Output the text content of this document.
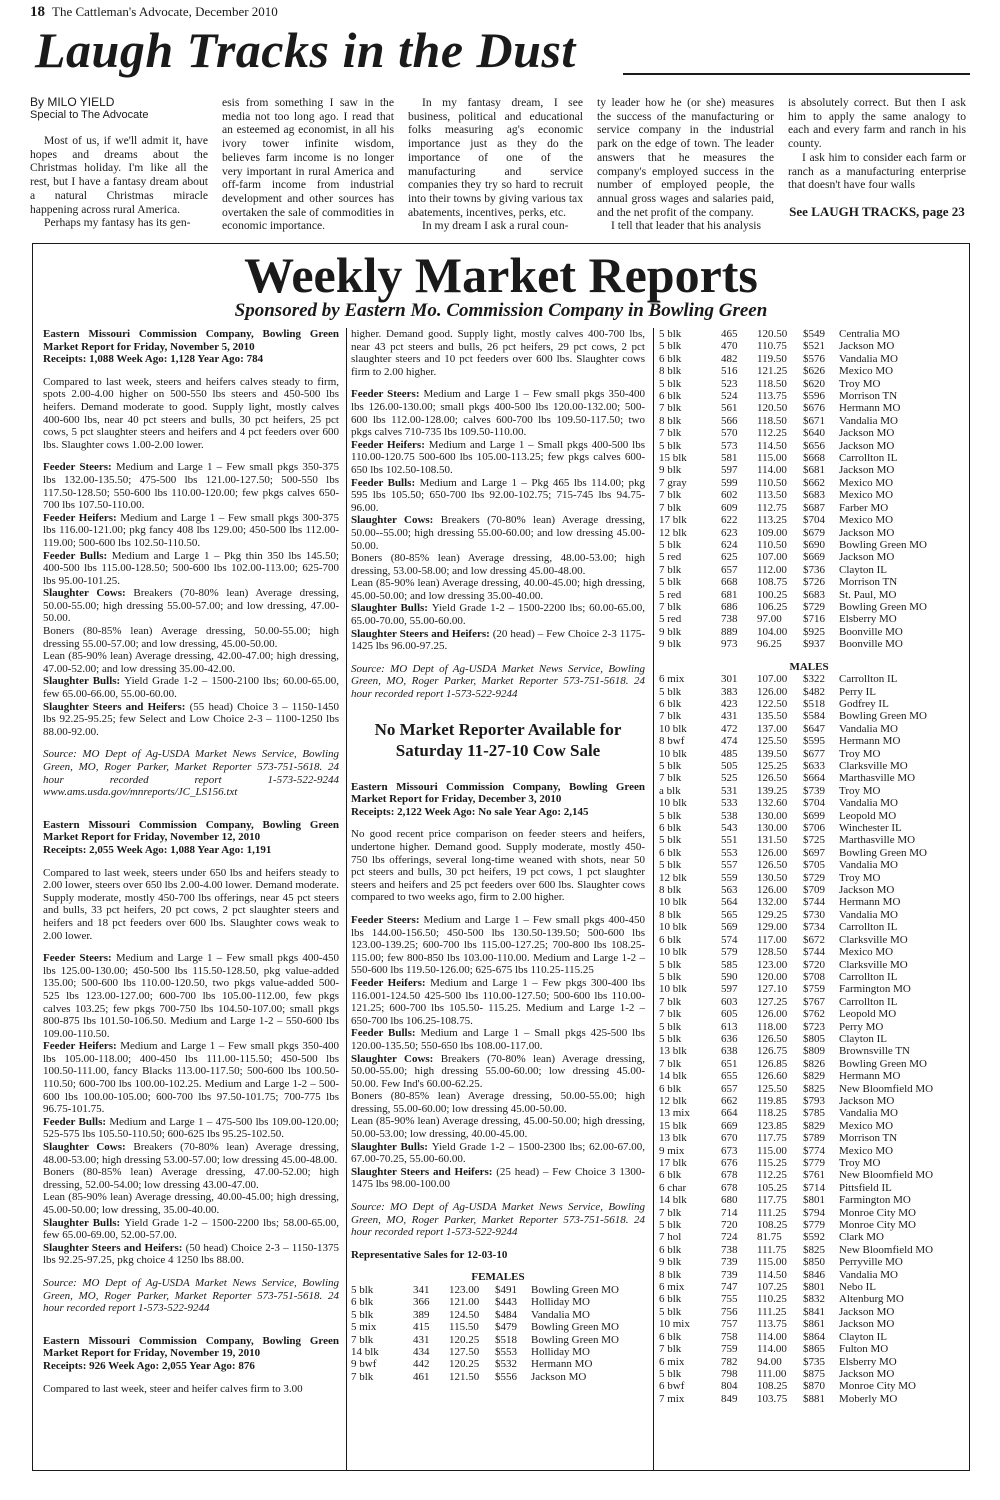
18 The Cattleman's Advocate, December 2010
Laugh Tracks in the Dust
By MILO YIELD
Special to The Advocate

Most of us, if we'll admit it, have hopes and dreams about the Christmas holiday. I'm like all the rest, but I have a fantasy dream about a natural Christmas miracle happening across rural America.

Perhaps my fantasy has its gen-

esis from something I saw in the media not too long ago. I read that an esteemed ag economist, in all his ivory tower infinite wisdom, believes farm income is no longer very important in rural America and off-farm income from industrial development and other sources has overtaken the sale of commodities in economic importance.

In my fantasy dream, I see business, political and educational folks measuring ag's economic importance just as they do the importance of one of the manufacturing and service companies they try so hard to recruit into their towns by giving various tax abatements, incentives, perks, etc.

In my dream I ask a rural coun-

ty leader how he (or she) measures the success of the manufacturing or service company in the industrial park on the edge of town. The leader answers that he measures the company's employed success in the number of employed people, the annual gross wages and salaries paid, and the net profit of the company.

I tell that leader that his analysis

is absolutely correct. But then I ask him to apply the same analogy to each and every farm and ranch in his county.

I ask him to consider each farm or ranch as a manufacturing enterprise that doesn't have four walls

See LAUGH TRACKS, page 23
Weekly Market Reports
Sponsored by Eastern Mo. Commission Company in Bowling Green
Eastern Missouri Commission Company, Bowling Green Market Report for Friday, November 5, 2010
Receipts: 1,088 Week Ago: 1,128 Year Ago: 784
Compared to last week, steers and heifers calves steady to firm, spots 2.00-4.00 higher on 500-550 lbs steers and 450-500 lbs heifers. Demand moderate to good. Supply light, mostly calves 400-600 lbs, near 40 pct steers and bulls, 30 pct heifers, 25 pct cows, 5 pct slaughter steers and heifers and 4 pct feeders over 600 lbs. Slaughter cows 1.00-2.00 lower.
Feeder Steers: Medium and Large 1 – Few small pkgs 350-375 lbs 132.00-135.50; 475-500 lbs 121.00-127.50; 500-550 lbs 117.50-128.50; 550-600 lbs 110.00-120.00; few pkgs calves 650-700 lbs 107.50-110.00.
Feeder Heifers: Medium and Large 1 – Few small pkgs 300-375 lbs 116.00-121.00; pkg fancy 408 lbs 129.00; 450-500 lbs 112.00-119.00; 500-600 lbs 102.50-110.50.
Feeder Bulls: Medium and Large 1 – Pkg thin 350 lbs 145.50; 400-500 lbs 115.00-128.50; 500-600 lbs 102.00-113.00; 625-700 lbs 95.00-101.25.
Slaughter Cows: Breakers (70-80% lean) Average dressing, 50.00-55.00; high dressing 55.00-57.00; and low dressing, 47.00-50.00.
Boners (80-85% lean) Average dressing, 50.00-55.00; high dressing 55.00-57.00; and low dressing, 45.00-50.00.
Lean (85-90% lean) Average dressing, 42.00-47.00; high dressing, 47.00-52.00; and low dressing 35.00-42.00.
Slaughter Bulls: Yield Grade 1-2 – 1500-2100 lbs; 60.00-65.00, few 65.00-66.00, 55.00-60.00.
Slaughter Steers and Heifers: (55 head) Choice 3 – 1150-1450 lbs 92.25-95.25; few Select and Low Choice 2-3 – 1100-1250 lbs 88.00-92.00.
Source: MO Dept of Ag-USDA Market News Service, Bowling Green, MO, Roger Parker, Market Reporter 573-751-5618. 24 hour recorded report 1-573-522-9244 www.ams.usda.gov/mnreports/JC_LS156.txt
Eastern Missouri Commission Company, Bowling Green Market Report for Friday, November 12, 2010
Receipts: 2,055 Week Ago: 1,088 Year Ago: 1,191
Compared to last week, steers under 650 lbs and heifers steady to 2.00 lower, steers over 650 lbs 2.00-4.00 lower. Demand moderate. Supply moderate, mostly 450-700 lbs offerings, near 45 pct steers and bulls, 33 pct heifers, 20 pct cows, 2 pct slaughter steers and heifers and 18 pct feeders over 600 lbs. Slaughter cows weak to 2.00 lower.
Feeder Steers: Medium and Large 1 – Few small pkgs 400-450 lbs 125.00-130.00; 450-500 lbs 115.50-128.50, pkg value-added 135.00; 500-600 lbs 110.00-120.50, two pkgs value-added 500-525 lbs 123.00-127.00; 600-700 lbs 105.00-112.00, few pkgs calves 103.25; few pkgs 700-750 lbs 104.50-107.00; small pkgs 800-875 lbs 101.50-106.50. Medium and Large 1-2 – 550-600 lbs 109.00-110.50.
Feeder Heifers: Medium and Large 1 – Few small pkgs 350-400 lbs 105.00-118.00; 400-450 lbs 111.00-115.50; 450-500 lbs 100.50-111.00, fancy Blacks 113.00-117.50; 500-600 lbs 100.50-110.50; 600-700 lbs 100.00-102.25. Medium and Large 1-2 – 500-600 lbs 100.00-105.00; 600-700 lbs 97.50-101.75; 700-775 lbs 96.75-101.75.
Feeder Bulls: Medium and Large 1 – 475-500 lbs 109.00-120.00; 525-575 lbs 105.50-110.50; 600-625 lbs 95.25-102.50.
Slaughter Cows: Breakers (70-80% lean) Average dressing, 48.00-53.00; high dressing 53.00-57.00; low dressing 45.00-48.00.
Boners (80-85% lean) Average dressing, 47.00-52.00; high dressing, 52.00-54.00; low dressing 43.00-47.00.
Lean (85-90% lean) Average dressing, 40.00-45.00; high dressing, 45.00-50.00; low dressing, 35.00-40.00.
Slaughter Bulls: Yield Grade 1-2 – 1500-2200 lbs; 58.00-65.00, few 65.00-69.00, 52.00-57.00.
Slaughter Steers and Heifers: (50 head) Choice 2-3 – 1150-1375 lbs 92.25-97.25, pkg choice 4 1250 lbs 88.00.
Source: MO Dept of Ag-USDA Market News Service, Bowling Green, MO, Roger Parker, Market Reporter 573-751-5618. 24 hour recorded report 1-573-522-9244
Eastern Missouri Commission Company, Bowling Green Market Report for Friday, November 19, 2010
Receipts: 926 Week Ago: 2,055 Year Ago: 876
Compared to last week, steer and heifer calves firm to 3.00
higher. Demand good. Supply light, mostly calves 400-700 lbs, near 43 pct steers and bulls, 26 pct heifers, 29 pct cows, 2 pct slaughter steers and 10 pct feeders over 600 lbs. Slaughter cows firm to 2.00 higher.
Feeder Steers: Medium and Large 1 – Few small pkgs 350-400 lbs 126.00-130.00; small pkgs 400-500 lbs 120.00-132.00; 500-600 lbs 112.00-128.00; calves 600-700 lbs 109.50-117.50; two pkgs calves 710-735 lbs 109.50-110.00.
Feeder Heifers: Medium and Large 1 – Small pkgs 400-500 lbs 110.00-120.75 500-600 lbs 105.00-113.25; few pkgs calves 600-650 lbs 102.50-108.50.
Feeder Bulls: Medium and Large 1 – Pkg 465 lbs 114.00; pkg 595 lbs 105.50; 650-700 lbs 92.00-102.75; 715-745 lbs 94.75-96.00.
Slaughter Cows: Breakers (70-80% lean) Average dressing, 50.00--55.00; high dressing 55.00-60.00; and low dressing 45.00-50.00.
Boners (80-85% lean) Average dressing, 48.00-53.00; high dressing, 53.00-58.00; and low dressing 45.00-48.00.
Lean (85-90% lean) Average dressing, 40.00-45.00; high dressing, 45.00-50.00; and low dressing 35.00-40.00.
Slaughter Bulls: Yield Grade 1-2 – 1500-2200 lbs; 60.00-65.00, 65.00-70.00, 55.00-60.00.
Slaughter Steers and Heifers: (20 head) – Few Choice 2-3 1175-1425 lbs 96.00-97.25.
Source: MO Dept of Ag-USDA Market News Service, Bowling Green, MO, Roger Parker, Market Reporter 573-751-5618. 24 hour recorded report 1-573-522-9244
No Market Reporter Available for Saturday 11-27-10 Cow Sale
Eastern Missouri Commission Company, Bowling Green Market Report for Friday, December 3, 2010
Receipts: 2,122 Week Ago: No sale Year Ago: 2,145
No good recent price comparison on feeder steers and heifers, undertone higher. Demand good. Supply moderate, mostly 450-750 lbs offerings, several long-time weaned with shots, near 50 pct steers and bulls, 30 pct heifers, 19 pct cows, 1 pct slaughter steers and heifers and 25 pct feeders over 600 lbs. Slaughter cows compared to two weeks ago, firm to 2.00 higher.
Feeder Steers: Medium and Large 1 – Few small pkgs 400-450 lbs 144.00-156.50; 450-500 lbs 130.50-139.50; 500-600 lbs 123.00-139.25; 600-700 lbs 115.00-127.25; 700-800 lbs 108.25-115.00; few 800-850 lbs 103.00-110.00. Medium and Large 1-2 – 550-600 lbs 119.50-126.00; 625-675 lbs 110.25-115.25
Feeder Heifers: Medium and Large 1 – Few pkgs 300-400 lbs 116.001-124.50 425-500 lbs 110.00-127.50; 500-600 lbs 110.00-121.25; 600-700 lbs 105.50- 115.25. Medium and Large 1-2 – 650-700 lbs 106.25-108.75.
Feeder Bulls: Medium and Large 1 – Small pkgs 425-500 lbs 120.00-135.50; 550-650 lbs 108.00-117.00.
Slaughter Cows: Breakers (70-80% lean) Average dressing, 50.00-55.00; high dressing 55.00-60.00; low dressing 45.00-50.00. Few Ind's 60.00-62.25.
Boners (80-85% lean) Average dressing, 50.00-55.00; high dressing, 55.00-60.00; low dressing 45.00-50.00.
Lean (85-90% lean) Average dressing, 45.00-50.00; high dressing, 50.00-53.00; low dressing, 40.00-45.00.
Slaughter Bulls: Yield Grade 1-2 – 1500-2300 lbs; 62.00-67.00, 67.00-70.25, 55.00-60.00.
Slaughter Steers and Heifers: (25 head) – Few Choice 3 1300-1475 lbs 98.00-100.00
Source: MO Dept of Ag-USDA Market News Service, Bowling Green, MO, Roger Parker, Market Reporter 573-751-5618. 24 hour recorded report 1-573-522-9244
Representative Sales for 12-03-10
FEMALES
5 blk	341	123.00	$491	Bowling Green MO
6 blk	366	121.00	$443	Holliday MO
5 blk	389	124.50	$484	Vandalia MO
5 mix	415	115.50	$479	Bowling Green MO
7 blk	431	120.25	$518	Bowling Green MO
14 blk	434	127.50	$553	Holliday MO
9 bwf	442	120.25	$532	Hermann MO
7 blk	461	121.50	$556	Jackson MO
5 blk	465	120.50	$549	Centralia MO
5 blk	470	110.75	$521	Jackson MO
6 blk	482	119.50	$576	Vandalia MO
8 blk	516	121.25	$626	Mexico MO
5 blk	523	118.50	$620	Troy MO
6 blk	524	113.75	$596	Morrison TN
7 blk	561	120.50	$676	Hermann MO
8 blk	566	118.50	$671	Vandalia MO
7 blk	570	112.25	$640	Jackson MO
5 blk	573	114.50	$656	Jackson MO
15 blk	581	115.00	$668	Carrollton IL
9 blk	597	114.00	$681	Jackson MO
7 gray	599	110.50	$662	Mexico MO
7 blk	602	113.50	$683	Mexico MO
7 blk	609	112.75	$687	Farber MO
17 blk	622	113.25	$704	Mexico MO
12 blk	623	109.00	$679	Jackson MO
5 blk	624	110.50	$690	Bowling Green MO
5 red	625	107.00	$669	Jackson MO
7 blk	657	112.00	$736	Clayton IL
5 blk	668	108.75	$726	Morrison TN
5 red	681	100.25	$683	St. Paul, MO
7 blk	686	106.25	$729	Bowling Green MO
5 red	738	97.00	$716	Elsberry MO
9 blk	889	104.00	$925	Boonville MO
9 blk	973	96.25	$937	Boonville MO
MALES
6 mix	301	107.00	$322	Carrollton IL
5 blk	383	126.00	$482	Perry IL
6 blk	423	122.50	$518	Godfrey IL
7 blk	431	135.50	$584	Bowling Green MO
10 blk	472	137.00	$647	Vandalia MO
8 bwf	474	125.50	$595	Hermann MO
10 blk	485	139.50	$677	Troy MO
5 blk	505	125.25	$633	Clarksville MO
7 blk	525	126.50	$664	Marthasville MO
a blk	531	139.25	$739	Troy MO
10 blk	533	132.60	$704	Vandalia MO
5 blk	538	130.00	$699	Leopold MO
6 blk	543	130.00	$706	Winchester IL
5 blk	551	131.50	$725	Marthasville MO
6 blk	553	126.00	$697	Bowling Green MO
5 blk	557	126.50	$705	Vandalia MO
12 blk	559	130.50	$729	Troy MO
8 blk	563	126.00	$709	Jackson MO
10 blk	564	132.00	$744	Hermann MO
8 blk	565	129.25	$730	Vandalia MO
10 blk	569	129.00	$734	Carrollton IL
6 blk	574	117.00	$672	Clarksville MO
10 blk	579	128.50	$744	Mexico MO
5 blk	585	123.00	$720	Clarksville MO
5 blk	590	120.00	$708	Carrollton IL
10 blk	597	127.10	$759	Farmington MO
7 blk	603	127.25	$767	Carrollton IL
7 blk	605	126.00	$762	Leopold MO
5 blk	613	118.00	$723	Perry MO
5 blk	636	126.50	$805	Clayton IL
13 blk	638	126.75	$809	Brownsville TN
7 blk	651	126.85	$826	Bowling Green MO
14 blk	655	126.60	$829	Hermann MO
6 blk	657	125.50	$825	New Bloomfield MO
12 blk	662	119.85	$793	Jackson MO
13 mix	664	118.25	$785	Vandalia MO
15 blk	669	123.85	$829	Mexico MO
13 blk	670	117.75	$789	Morrison TN
9 mix	673	115.00	$774	Mexico MO
17 blk	676	115.25	$779	Troy MO
6 blk	678	112.25	$761	New Bloomfield MO
6 char	678	105.25	$714	Pittsfield IL
14 blk	680	117.75	$801	Farmington MO
7 blk	714	111.25	$794	Monroe City MO
5 blk	720	108.25	$779	Monroe City MO
7 hol	724	81.75	$592	Clark MO
6 blk	738	111.75	$825	New Bloomfield MO
9 blk	739	115.00	$850	Perryville MO
8 blk	739	114.50	$846	Vandalia MO
6 mix	747	107.25	$801	Nebo IL
6 blk	755	110.25	$832	Altenburg MO
5 blk	756	111.25	$841	Jackson MO
10 mix	757	113.75	$861	Jackson MO
6 blk	758	114.00	$864	Clayton IL
7 blk	759	114.00	$865	Fulton MO
6 mix	782	94.00	$735	Elsberry MO
5 blk	798	111.00	$875	Jackson MO
6 bwf	804	108.25	$870	Monroe City MO
7 mix	849	103.75	$881	Moberly MO
